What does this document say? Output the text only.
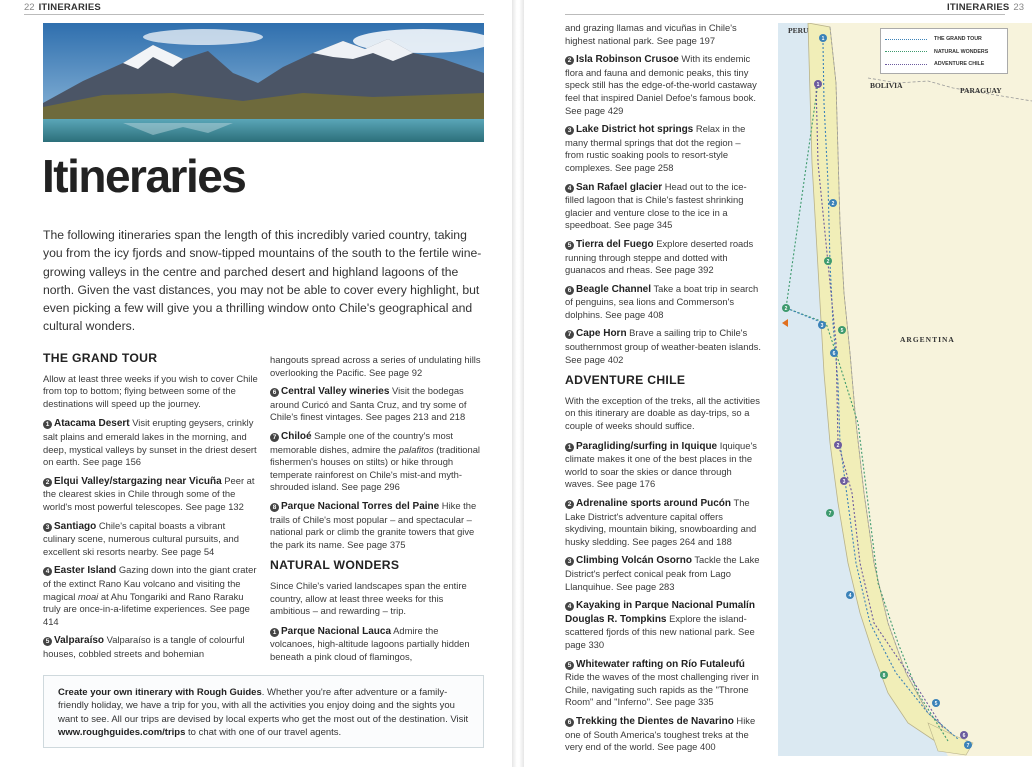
22 ITINERARIES
Itineraries

The following itineraries span the length of this incredibly varied country, taking you from the icy fjords and snow-tipped mountains of the south to the fertile wine-growing valleys in the centre and parched desert and highland lagoons of the north. Given the vast distances, you may not be able to cover every highlight, but even picking a few will give you a thrilling window onto Chile's geographical and cultural wonders.

THE GRAND TOUR

Allow at least three weeks if you wish to cover Chile from top to bottom; flying between some of the destinations will speed up the journey.

1 Atacama Desert Visit erupting geysers, crinkly salt plains and emerald lakes in the morning, and deep, mystical valleys by sunset in the driest desert on earth. See page 156

2 Elqui Valley/stargazing near Vicuña Peer at the clearest skies in Chile through some of the world's most powerful telescopes. See page 132

3 Santiago Chile's capital boasts a vibrant culinary scene, numerous cultural pursuits, and excellent ski resorts nearby. See page 54

4 Easter Island Gazing down into the giant crater of the extinct Rano Kau volcano and visiting the magical moai at Ahu Tongariki and Rano Raraku truly are once-in-a-lifetime experiences. See page 414

5 Valparaíso Valparaíso is a tangle of colourful houses, cobbled streets and bohemian

hangouts spread across a series of undulating hills overlooking the Pacific. See page 92

6 Central Valley wineries Visit the bodegas around Curicó and Santa Cruz, and try some of Chile's finest vintages. See pages 213 and 218

7 Chiloé Sample one of the country's most memorable dishes, admire the palafitos (traditional fishermen's houses on stilts) or hike through temperate rainforest on Chile's mist-and myth-shrouded island. See page 296

8 Parque Nacional Torres del Paine Hike the trails of Chile's most popular – and spectacular – national park or climb the granite towers that give the park its name. See page 375

NATURAL WONDERS

Since Chile's varied landscapes span the entire country, allow at least three weeks for this ambitious – and rewarding – trip.

1 Parque Nacional Lauca Admire the volcanoes, high-altitude lagoons partially hidden beneath a pink cloud of flamingos,

Create your own itinerary with Rough Guides. Whether you're after adventure or a family-friendly holiday, we have a trip for you, with all the activities you enjoy doing and the sights you want to see. All our trips are devised by local experts who get the most out of the destination. Visit www.roughguides.com/trips to chat with one of our travel agents.
ITINERARIES 23

and grazing llamas and vicuñas in Chile's highest national park. See page 197

2 Isla Robinson Crusoe With its endemic flora and fauna and demonic peaks, this tiny speck still has the edge-of-the-world castaway feel that inspired Daniel Defoe's famous book. See page 429

3 Lake District hot springs Relax in the many thermal springs that dot the region – from rustic soaking pools to resort-style complexes. See page 258

4 San Rafael glacier Head out to the ice-filled lagoon that is Chile's fastest shrinking glacier and venture close to the ice in a speedboat. See page 345

5 Tierra del Fuego Explore deserted roads running through steppe and dotted with guanacos and rheas. See page 392

6 Beagle Channel Take a boat trip in search of penguins, sea lions and Commerson's dolphins. See page 408

7 Cape Horn Brave a sailing trip to Chile's southernmost group of weather-beaten islands. See page 402

ADVENTURE CHILE

With the exception of the treks, all the activities on this itinerary are doable as day-trips, so a couple of weeks should suffice.

1 Paragliding/surfing in Iquique Iquique's climate makes it one of the best places in the world to soar the skies or dance through waves. See page 176

2 Adrenaline sports around Pucón The Lake District's adventure capital offers skydiving, mountain biking, snowboarding and husky sledding. See pages 264 and 188

3 Climbing Volcán Osorno Tackle the Lake District's perfect conical peak from Lago Llanquihue. See page 283

4 Kayaking in Parque Nacional Pumalín Douglas R. Tompkins Explore the island-scattered fjords of this new national park. See page 330

5 Whitewater rafting on Río Futaleufú Ride the waves of the most challenging river in Chile, navigating such rapids as the "Throne Room" and "Inferno". See page 335

6 Trekking the Dientes de Navarino Hike one of South America's toughest treks at the very end of the world. See page 400

1
1
2
2
2
3
5
6
2
3
7
4
8
5
6
7
PERU
BOLIVIA
PARAGUAY
ARGENTINA
THE GRAND TOUR
NATURAL WONDERS
ADVENTURE CHILE
